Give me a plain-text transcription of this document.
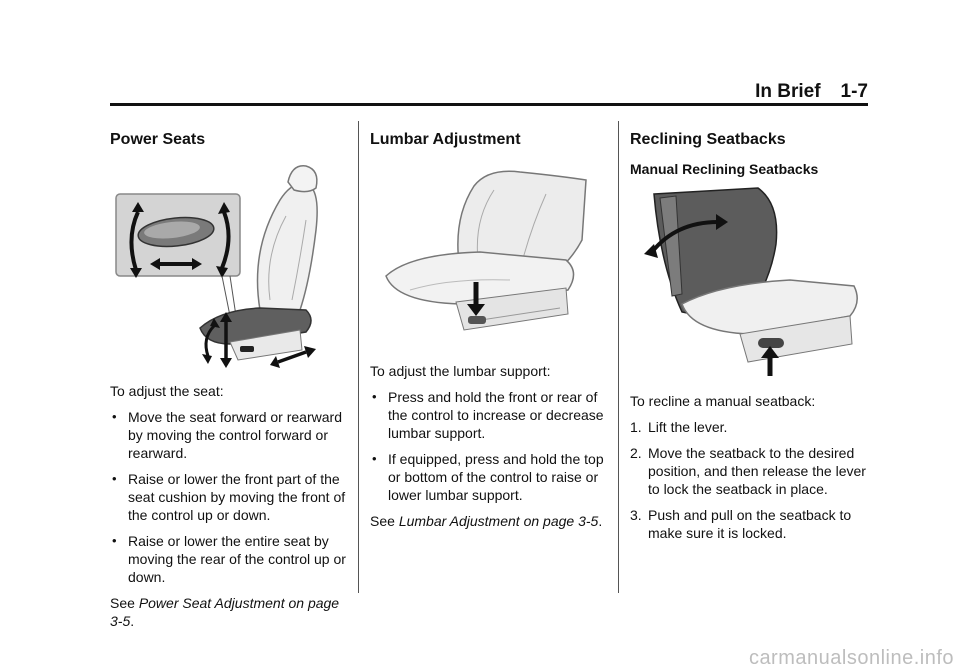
In Brief 1-7
Power Seats

To adjust the seat:

• Move the seat forward or rearward by moving the control forward or rearward.
• Raise or lower the front part of the seat cushion by moving the front of the control up or down.
• Raise or lower the entire seat by moving the rear of the control up or down.

See Power Seat Adjustment on page 3-5.

Lumbar Adjustment

To adjust the lumbar support:

• Press and hold the front or rear of the control to increase or decrease lumbar support.
• If equipped, press and hold the top or bottom of the control to raise or lower lumbar support.

See Lumbar Adjustment on page 3-5.

Reclining Seatbacks
Manual Reclining Seatbacks

To recline a manual seatback:

1. Lift the lever.
2. Move the seatback to the desired position, and then release the lever to lock the seatback in place.
3. Push and pull on the seatback to make sure it is locked.
carmanualsonline.info
